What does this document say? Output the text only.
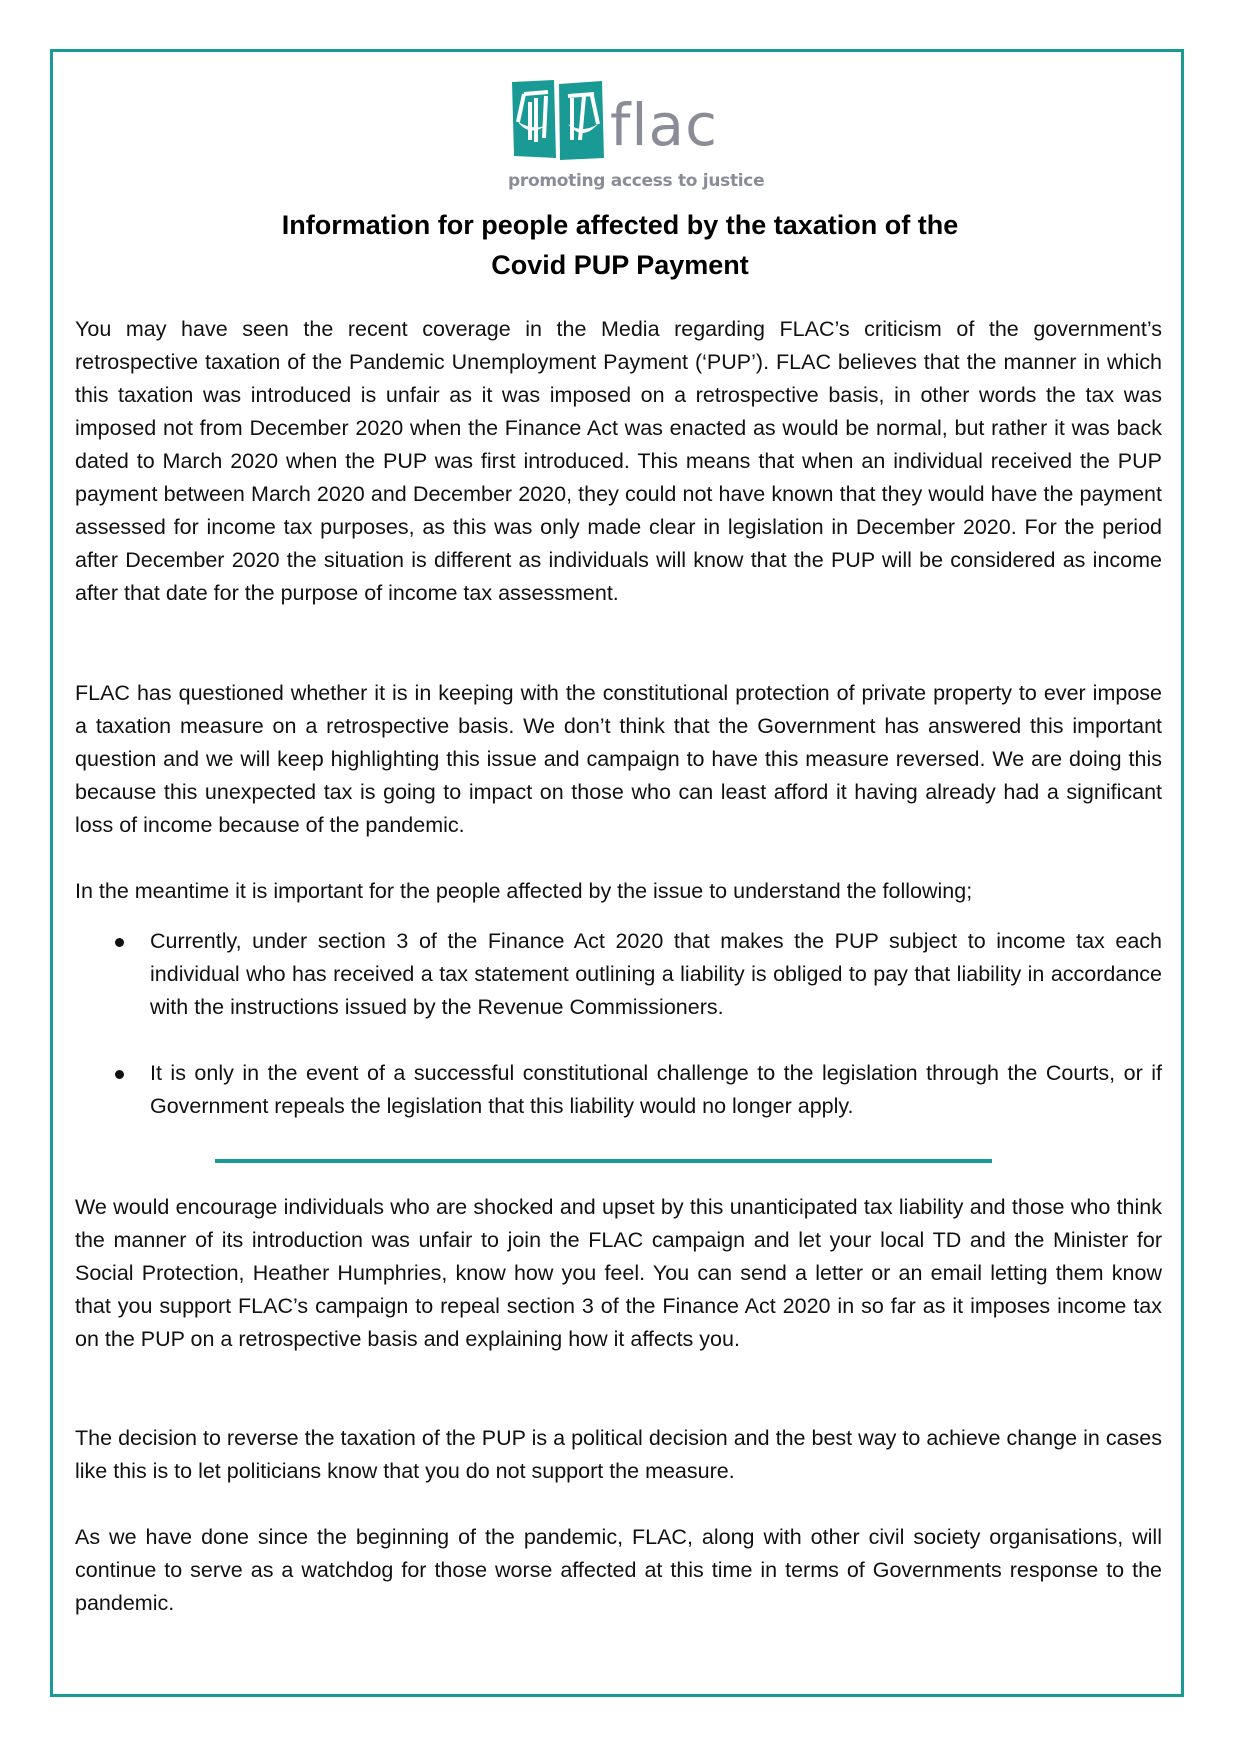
flac
promoting access to justice
Information for people affected by the taxation of the
Covid PUP Payment

You may have seen the recent coverage in the Media regarding FLAC’s criticism of the government’s retrospective taxation of the Pandemic Unemployment Payment (‘PUP’). FLAC believes that the manner in which this taxation was introduced is unfair as it was imposed on a retrospective basis, in other words the tax was imposed not from December 2020 when the Finance Act was enacted as would be normal, but rather it was back dated to March 2020 when the PUP was first introduced. This means that when an individual received the PUP payment between March 2020 and December 2020, they could not have known that they would have the payment assessed for income tax purposes, as this was only made clear in legislation in December 2020. For the period after December 2020 the situation is different as individuals will know that the PUP will be considered as income after that date for the purpose of income tax assessment.

FLAC has questioned whether it is in keeping with the constitutional protection of private property to ever impose a taxation measure on a retrospective basis. We don’t think that the Government has answered this important question and we will keep highlighting this issue and campaign to have this measure reversed. We are doing this because this unexpected tax is going to impact on those who can least afford it having already had a significant loss of income because of the pandemic.

In the meantime it is important for the people affected by the issue to understand the following;

Currently, under section 3 of the Finance Act 2020 that makes the PUP subject to income tax each individual who has received a tax statement outlining a liability is obliged to pay that liability in accordance with the instructions issued by the Revenue Commissioners.
It is only in the event of a successful constitutional challenge to the legislation through the Courts, or if Government repeals the legislation that this liability would no longer apply.

We would encourage individuals who are shocked and upset by this unanticipated tax liability and those who think the manner of its introduction was unfair to join the FLAC campaign and let your local TD and the Minister for Social Protection, Heather Humphries, know how you feel. You can send a letter or an email letting them know that you support FLAC’s campaign to repeal section 3 of the Finance Act 2020 in so far as it imposes income tax on the PUP on a retrospective basis and explaining how it affects you.

The decision to reverse the taxation of the PUP is a political decision and the best way to achieve change in cases like this is to let politicians know that you do not support the measure.

As we have done since the beginning of the pandemic, FLAC, along with other civil society organisations, will continue to serve as a watchdog for those worse affected at this time in terms of Governments response to the pandemic.
